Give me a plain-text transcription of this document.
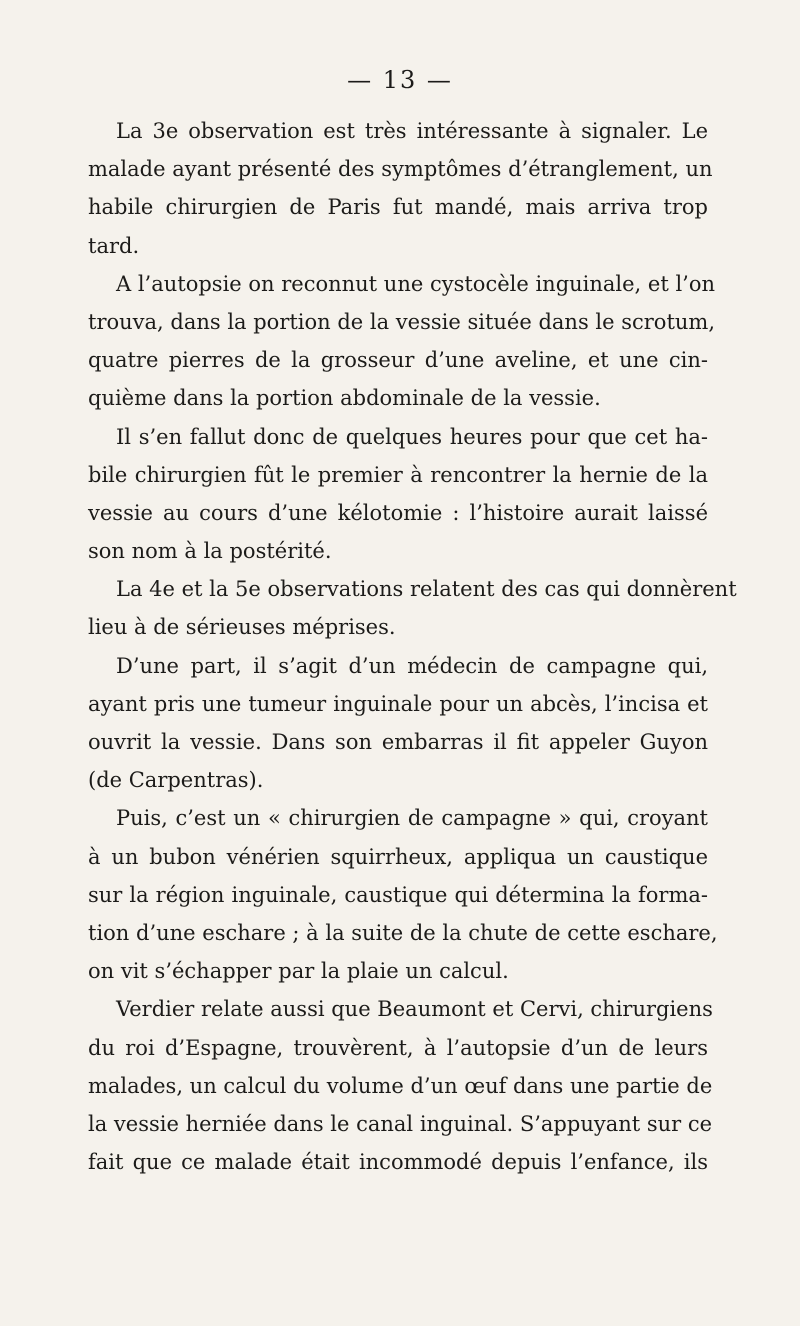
— 13 —
La 3e observation est très intéressante à signaler. Le
malade ayant présenté des symptômes d’étranglement, un
habile chirurgien de Paris fut mandé, mais arriva trop
tard.
A l’autopsie on reconnut une cystocèle inguinale, et l’on
trouva, dans la portion de la vessie située dans le scrotum,
quatre pierres de la grosseur d’une aveline, et une cin-
quième dans la portion abdominale de la vessie.
Il s’en fallut donc de quelques heures pour que cet ha-
bile chirurgien fût le premier à rencontrer la hernie de la
vessie au cours d’une kélotomie : l’histoire aurait laissé
son nom à la postérité.
La 4e et la 5e observations relatent des cas qui donnèrent
lieu à de sérieuses méprises.
D’une part, il s’agit d’un médecin de campagne qui,
ayant pris une tumeur inguinale pour un abcès, l’incisa et
ouvrit la vessie. Dans son embarras il fit appeler Guyon
(de Carpentras).
Puis, c’est un « chirurgien de campagne » qui, croyant
à un bubon vénérien squirrheux, appliqua un caustique
sur la région inguinale, caustique qui détermina la forma-
tion d’une eschare ; à la suite de la chute de cette eschare,
on vit s’échapper par la plaie un calcul.
Verdier relate aussi que Beaumont et Cervi, chirurgiens
du roi d’Espagne, trouvèrent, à l’autopsie d’un de leurs
malades, un calcul du volume d’un œuf dans une partie de
la vessie herniée dans le canal inguinal. S’appuyant sur ce
fait que ce malade était incommodé depuis l’enfance, ils
